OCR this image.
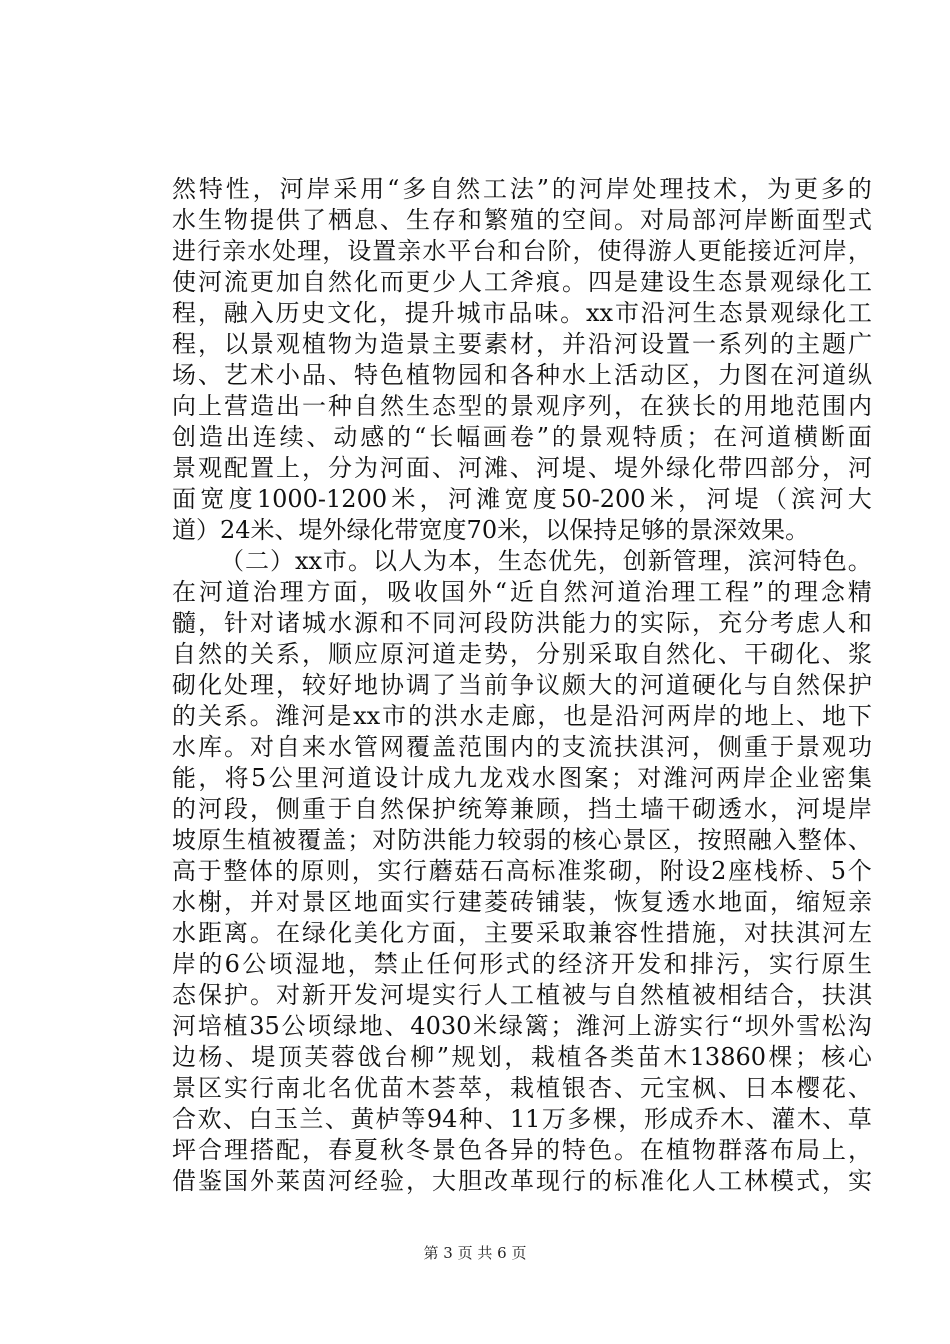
然 特 性 ， 河 岸 采 用 “ 多 自 然 工 法 ” 的 河 岸 处 理 技 术 ， 为 更 多 的
水 生 物 提 供 了 栖 息 、 生 存 和 繁 殖 的 空 间 。 对 局 部 河 岸 断 面 型 式
进 行 亲 水 处 理 ， 设 置 亲 水 平 台 和 台 阶 ， 使 得 游 人 更 能 接 近 河 岸 ，
使 河 流 更 加 自 然 化 而 更 少 人 工 斧 痕 。 四 是 建 设 生 态 景 观 绿 化 工
程 ， 融 入 历 史 文 化 ， 提 升 城 市 品 味 。 xx 市 沿 河 生 态 景 观 绿 化 工
程 ， 以 景 观 植 物 为 造 景 主 要 素 材 ， 并 沿 河 设 置 一 系 列 的 主 题 广
场 、 艺 术 小 品 、 特 色 植 物 园 和 各 种 水 上 活 动 区 ， 力 图 在 河 道 纵
向 上 营 造 出 一 种 自 然 生 态 型 的 景 观 序 列 ， 在 狭 长 的 用 地 范 围 内
创 造 出 连 续 、 动 感 的 “ 长 幅 画 卷 ” 的 景 观 特 质 ； 在 河 道 横 断 面
景 观 配 置 上 ， 分 为 河 面 、 河 滩 、 河 堤 、 堤 外 绿 化 带 四 部 分 ， 河
面 宽 度 1000-1200 米 ， 河 滩 宽 度 50-200 米 ， 河 堤 （ 滨 河 大
道 ） 24 米 、 堤 外 绿 化 带 宽 度 70 米 ， 以 保 持 足 够 的 景 深 效 果 。
（ 二 ） xx 市 。 以 人 为 本 ， 生 态 优 先 ， 创 新 管 理 ， 滨 河 特 色 。
在 河 道 治 理 方 面 ， 吸 收 国 外 “ 近 自 然 河 道 治 理 工 程 ” 的 理 念 精
髓 ， 针 对 诸 城 水 源 和 不 同 河 段 防 洪 能 力 的 实 际 ， 充 分 考 虑 人 和
自 然 的 关 系 ， 顺 应 原 河 道 走 势 ， 分 别 采 取 自 然 化 、 干 砌 化 、 浆
砌 化 处 理 ， 较 好 地 协 调 了 当 前 争 议 颇 大 的 河 道 硬 化 与 自 然 保 护
的 关 系 。 潍 河 是 xx 市 的 洪 水 走 廊 ， 也 是 沿 河 两 岸 的 地 上 、 地 下
水 库 。 对 自 来 水 管 网 覆 盖 范 围 内 的 支 流 扶 淇 河 ， 侧 重 于 景 观 功
能 ， 将 5 公 里 河 道 设 计 成 九 龙 戏 水 图 案 ； 对 潍 河 两 岸 企 业 密 集
的 河 段 ， 侧 重 于 自 然 保 护 统 筹 兼 顾 ， 挡 土 墙 干 砌 透 水 ， 河 堤 岸
坡 原 生 植 被 覆 盖 ； 对 防 洪 能 力 较 弱 的 核 心 景 区 ， 按 照 融 入 整 体 、
高 于 整 体 的 原 则 ， 实 行 蘑 菇 石 高 标 准 浆 砌 ， 附 设 2 座 栈 桥 、 5 个
水 榭 ， 并 对 景 区 地 面 实 行 建 菱 砖 铺 装 ， 恢 复 透 水 地 面 ， 缩 短 亲
水 距 离 。 在 绿 化 美 化 方 面 ， 主 要 采 取 兼 容 性 措 施 ， 对 扶 淇 河 左
岸 的 6 公 顷 湿 地 ， 禁 止 任 何 形 式 的 经 济 开 发 和 排 污 ， 实 行 原 生
态 保 护 。 对 新 开 发 河 堤 实 行 人 工 植 被 与 自 然 植 被 相 结 合 ， 扶 淇
河 培 植 35 公 顷 绿 地 、 4030 米 绿 篱 ； 潍 河 上 游 实 行 “ 坝 外 雪 松 沟
边 杨 、 堤 顶 芙 蓉 戗 台 柳 ” 规 划 ， 栽 植 各 类 苗 木 13860 棵 ； 核 心
景 区 实 行 南 北 名 优 苗 木 荟 萃 ， 栽 植 银 杏 、 元 宝 枫 、 日 本 樱 花 、
合 欢 、 白 玉 兰 、 黄 栌 等 94 种 、 11 万 多 棵 ， 形 成 乔 木 、 灌 木 、 草
坪 合 理 搭 配 ， 春 夏 秋 冬 景 色 各 异 的 特 色 。 在 植 物 群 落 布 局 上 ，
借 鉴 国 外 莱 茵 河 经 验 ， 大 胆 改 革 现 行 的 标 准 化 人 工 林 模 式 ， 实
第 3 页 共 6 页
